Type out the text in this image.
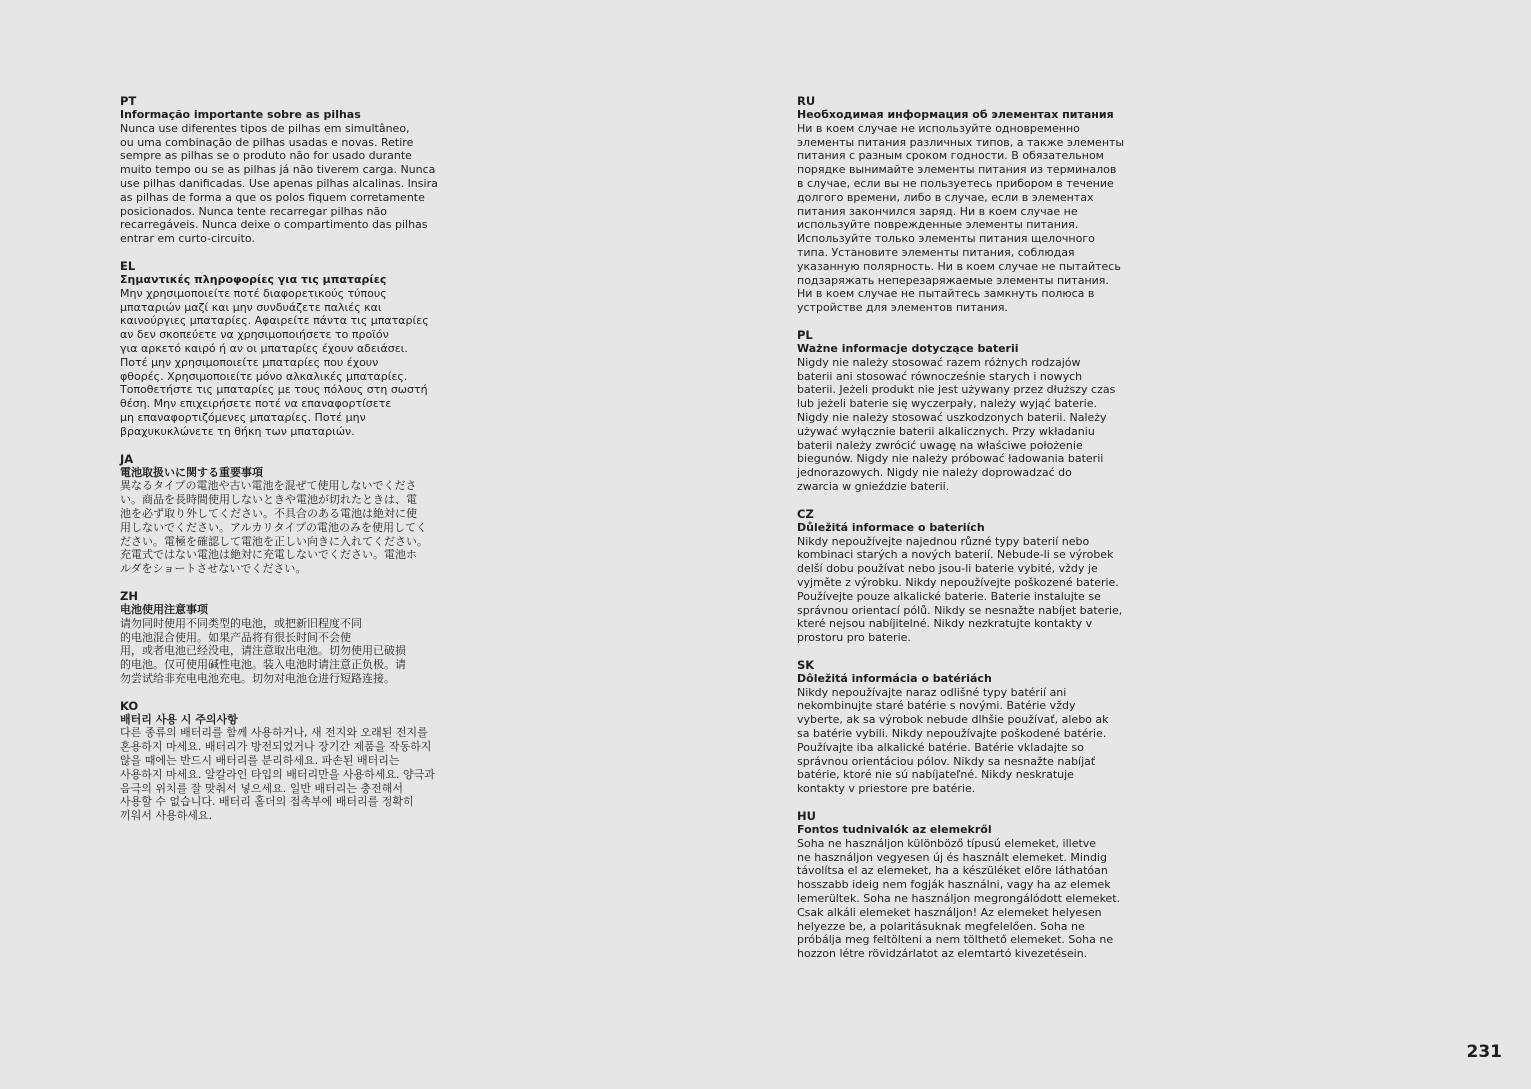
PT
Informação importante sobre as pilhas
Nunca use diferentes tipos de pilhas em simultâneo,
ou uma combinação de pilhas usadas e novas. Retire
sempre as pilhas se o produto não for usado durante
muito tempo ou se as pilhas já não tiverem carga. Nunca
use pilhas danificadas. Use apenas pilhas alcalinas. Insira
as pilhas de forma a que os polos fiquem corretamente
posicionados. Nunca tente recarregar pilhas não
recarregáveis. Nunca deixe o compartimento das pilhas
entrar em curto-circuito.
EL
Σημαντικές πληροφορίες για τις μπαταρίες
Μην χρησιμοποιείτε ποτέ διαφορετικούς τύπους
μπαταριών μαζί και μην συνδυάζετε παλιές και
καινούργιες μπαταρίες. Αφαιρείτε πάντα τις μπαταρίες
αν δεν σκοπεύετε να χρησιμοποιήσετε το προϊόν
για αρκετό καιρό ή αν οι μπαταρίες έχουν αδειάσει.
Ποτέ μην χρησιμοποιείτε μπαταρίες που έχουν
φθορές. Χρησιμοποιείτε μόνο αλκαλικές μπαταρίες.
Τοποθετήστε τις μπαταρίες με τους πόλους στη σωστή
θέση. Μην επιχειρήσετε ποτέ να επαναφορτίσετε
μη επαναφορτιζόμενες μπαταρίες. Ποτέ μην
βραχυκυκλώνετε τη θήκη των μπαταριών.
JA
電池取扱いに関する重要事項
異なるタイプの電池や古い電池を混ぜて使用しないでくださ
い。商品を長時間使用しないときや電池が切れたときは、電
池を必ず取り外してください。不具合のある電池は絶対に使
用しないでください。アルカリタイプの電池のみを使用してく
ださい。電極を確認して電池を正しい向きに入れてください。
充電式ではない電池は絶対に充電しないでください。電池ホ
ルダをショートさせないでください。
ZH
电池使用注意事项
请勿同时使用不同类型的电池，或把新旧程度不同
的电池混合使用。如果产品将有很长时间不会使
用，或者电池已经没电，请注意取出电池。切勿使用已破损
的电池。仅可使用碱性电池。装入电池时请注意正负极。请
勿尝试给非充电电池充电。切勿对电池仓进行短路连接。
KO
배터리 사용 시 주의사항
다른 종류의 배터리를 함께 사용하거나, 새 전지와 오래된 전지를
혼용하지 마세요. 배터리가 방전되었거나 장기간 제품을 작동하지
않을 때에는 반드시 배터리를 분리하세요. 파손된 배터리는
사용하지 마세요. 알칼라인 타입의 배터리만을 사용하세요. 양극과
음극의 위치를 잘 맞춰서 넣으세요. 일반 배터리는 충전해서
사용할 수 없습니다. 배터리 홀더의 접촉부에 배터리를 정확히
끼워서 사용하세요.
RU
Необходимая информация об элементах питания
Ни в коем случае не используйте одновременно
элементы питания различных типов, а также элементы
питания с разным сроком годности. В обязательном
порядке вынимайте элементы питания из терминалов
в случае, если вы не пользуетесь прибором в течение
долгого времени, либо в случае, если в элементах
питания закончился заряд. Ни в коем случае не
используйте поврежденные элементы питания.
Используйте только элементы питания щелочного
типа. Установите элементы питания, соблюдая
указанную полярность. Ни в коем случае не пытайтесь
подзаряжать неперезаряжаемые элементы питания.
Ни в коем случае не пытайтесь замкнуть полюса в
устройстве для элементов питания.
PL
Ważne informacje dotyczące baterii
Nigdy nie należy stosować razem różnych rodzajów
baterii ani stosować równocześnie starych i nowych
baterii. Jeżeli produkt nie jest używany przez dłuższy czas
lub jeżeli baterie się wyczerpały, należy wyjąć baterie.
Nigdy nie należy stosować uszkodzonych baterii. Należy
używać wyłącznie baterii alkalicznych. Przy wkładaniu
baterii należy zwrócić uwagę na właściwe położenie
biegunów. Nigdy nie należy próbować ładowania baterii
jednorazowych. Nigdy nie należy doprowadzać do
zwarcia w gnieździe baterii.
CZ
Důležitá informace o bateriích
Nikdy nepoužívejte najednou různé typy baterií nebo
kombinaci starých a nových baterií. Nebude-li se výrobek
delší dobu používat nebo jsou-li baterie vybité, vždy je
vyjměte z výrobku. Nikdy nepoužívejte poškozené baterie.
Používejte pouze alkalické baterie. Baterie instalujte se
správnou orientací pólů. Nikdy se nesnažte nabíjet baterie,
které nejsou nabíjitelné. Nikdy nezkratujte kontakty v
prostoru pro baterie.
SK
Dôležitá informácia o batériách
Nikdy nepoužívajte naraz odlišné typy batérií ani
nekombinujte staré batérie s novými. Batérie vždy
vyberte, ak sa výrobok nebude dlhšie používať, alebo ak
sa batérie vybili. Nikdy nepoužívajte poškodené batérie.
Používajte iba alkalické batérie. Batérie vkladajte so
správnou orientáciou pólov. Nikdy sa nesnažte nabíjať
batérie, ktoré nie sú nabíjateľné. Nikdy neskratuje
kontakty v priestore pre batérie.
HU
Fontos tudnivalók az elemekről
Soha ne használjon különböző típusú elemeket, illetve
ne használjon vegyesen új és használt elemeket. Mindig
távolítsa el az elemeket, ha a készüléket előre láthatóan
hosszabb ideig nem fogják használni, vagy ha az elemek
lemerültek. Soha ne használjon megrongálódott elemeket.
Csak alkáli elemeket használjon! Az elemeket helyesen
helyezze be, a polaritásuknak megfelelően. Soha ne
próbálja meg feltölteni a nem tölthető elemeket. Soha ne
hozzon létre rövidzárlatot az elemtartó kivezetésein.
231
